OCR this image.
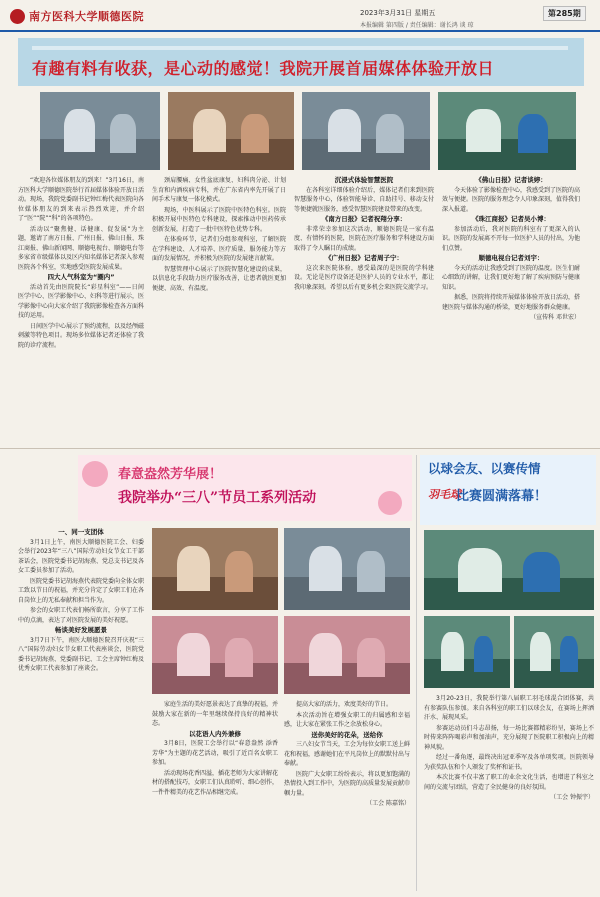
南方医科大学顺德医院	2023年3月31日 星期五	第285期
本报编辑 第四版 / 责任编辑：谢长鸿 谈 琼
有趣有料有收获，是心动的感觉！我院开展首届媒体体验开放日

“欢迎各位媒体朋友的到来！”3月16日，南方医科大学顺德医院举行首届媒体体验开放日活动。现场，我院党委副书记钟红梅代表医院向各位媒体朋友的到来表示热烈欢迎，并介绍了“医”“院”“科”的各项特色。

活动以“聚焦健、话健康、促发展”为主题，邀请了南方日报、广州日报、佛山日报、珠江商报、佛山新闻网、顺德电视台、顺德电台等多家省市级媒体以及区内知名媒体记者深入参观医院各个科室，实地感受医院发展成果。

四大人气科室为“圈内”

活动首先由医院院长“彩星科室”——日间医学中心、医学影像中心、妇科等进行展示，医学影像中心向大家介绍了我院影像检查各方面科技的运用。

日间医学中心展示了预约流程，以及经颅磁刺激等特色项目。现场多位媒体记者还体验了我院的诊疗流程。

颈肩腰痛、女性盆底康复、妇科肉分泌、计划生育和内酒疾病专科，并在广东省内率先开展了日间手术与康复一体化模式。

现场，中医科展示了医院中医特色科室。医院积极开展中医特色专科建设，探索推动中医药传承创新发展，打造了一批中医特色优势专科。

在体验环节，记者们分组参观科室，了解医院在学科建设、人才培养、医疗质量、服务能力等方面的发展情况，并积极为医院的发展建言献策。

智慧管理中心展示了医院智慧化建设的成果，以信息化手段助力医疗服务改善，让患者就医更加便捷、高效、有温度。

沉浸式体验智慧医院

在各科室详细体验介绍后，媒体记者们来到医院智慧服务中心，体验智能导诊、自助挂号、移动支付等便捷就医服务，感受智慧医院建设带来的改变。

《南方日报》记者祝翔分享：

非常荣幸参加这次活动，顺德医院是一家有温度、有情怀的医院，医院在医疗服务和学科建设方面取得了令人瞩目的成绩。

《广州日报》记者周子宁：

这次来医院体验，感受最深的是医院的学科建设。无论是医疗设备还是医护人员的专业水平，都让我印象深刻。希望以后有更多机会来医院交流学习。

《佛山日报》记者谈婷：

今天体验了影像检查中心，我感受到了医院的高效与便捷。医院的服务理念令人印象深刻，值得我们深入报道。

《珠江商报》记者吴小博：

参加活动后，我对医院的科室有了更深入的认识。医院的发展离不开每一位医护人员的付出，为他们点赞。

顺德电视台记者刘宇：

今天的活动让我感受到了医院的温度。医生们耐心细致的讲解，让我们更好地了解了疾病预防与健康知识。

据悉，医院将持续开展媒体体验开放日活动，搭建医院与媒体沟通的桥梁，更好地服务群众健康。

（宣传科 邓世宏）
春意盎然芳华展！
我院举办“三八”节员工系列活动
一、同一支团体

3月1日上午，南医大顺德医院工会、妇委会举行2023年“三八”国际劳动妇女节女工干部茶话会，医院党委书记胡海燕、党总支书记及各女工委员参加了活动。

医院党委书记胡海燕代表院党委向全体女职工致以节日的祝福，并充分肯定了女职工们在各自岗位上的无私奉献和担当作为。

参会的女职工代表们畅所欲言，分享了工作中的点滴，表达了对医院发展的美好祝愿。

畅谈美好发展愿景

3月7日下午，南医大顺德医院召开庆祝“三八”国际劳动妇女节女职工代表座谈会，医院党委书记胡海燕、党委副书记、工会主席钟红梅及优秀女职工代表参加了座谈会。

家庭生活的美好愿景表达了真挚的祝福，并鼓励大家在新的一年里继续保持良好的精神状态。

以花语人内外兼修

3月8日，医院工会举行以“春意盎然 添香芳华”为主题的花艺活动，吸引了近百名女职工参加。

活动现场花香四溢，插花老师为大家讲解花材的搭配技巧，女职工们认真聆听、细心创作，一件件精美的花艺作品相继完成。

提高大家的活力，欢度美好的节日。

本次活动旨在增强女职工的归属感和幸福感，让大家在紧张工作之余放松身心。

送你美好的花朵，送给你

三八妇女节当天，工会为每位女职工送上鲜花和祝福，感谢她们在平凡岗位上的默默付出与奉献。

医院广大女职工纷纷表示，将以更加饱满的热情投入到工作中，为医院的高质量发展贡献巾帼力量。

（工会 陈嘉铭）
以球会友、以赛传情
羽毛球
比赛圆满落幕！

3月20-23日，我院举行第八届职工羽毛球混合团体赛，共有参赛队伍参加。来自各科室的职工们以球会友，在赛场上挥洒汗水、展现风采。

参赛运动员们斗志昂扬，每一场比赛都精彩纷呈，赛场上不时传来阵阵喝彩声和加油声，充分展现了医院职工积极向上的精神风貌。

经过一番角逐，最终决出冠亚季军及各单项奖项。医院领导为获奖队伍和个人颁发了奖杯和证书。

本次比赛不仅丰富了职工的业余文化生活，也增进了科室之间的交流与团结，营造了全民健身的良好氛围。

（工会 钟振宇）
